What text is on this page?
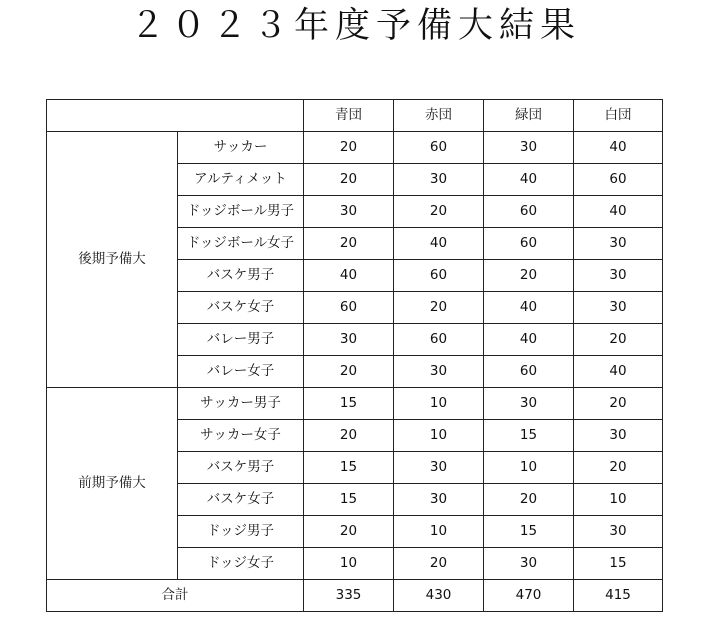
２０２３年度予備大結果
		青団	赤団	緑団	白団
後期予備大	サッカー	20	60	30	40
	アルティメット	20	30	40	60
	ドッジボール男子	30	20	60	40
	ドッジボール女子	20	40	60	30
	バスケ男子	40	60	20	30
	バスケ女子	60	20	40	30
	バレー男子	30	60	40	20
	バレー女子	20	30	60	40
前期予備大	サッカー男子	15	10	30	20
	サッカー女子	20	10	15	30
	バスケ男子	15	30	10	20
	バスケ女子	15	30	20	10
	ドッジ男子	20	10	15	30
	ドッジ女子	10	20	30	15
合計		335	430	470	415
